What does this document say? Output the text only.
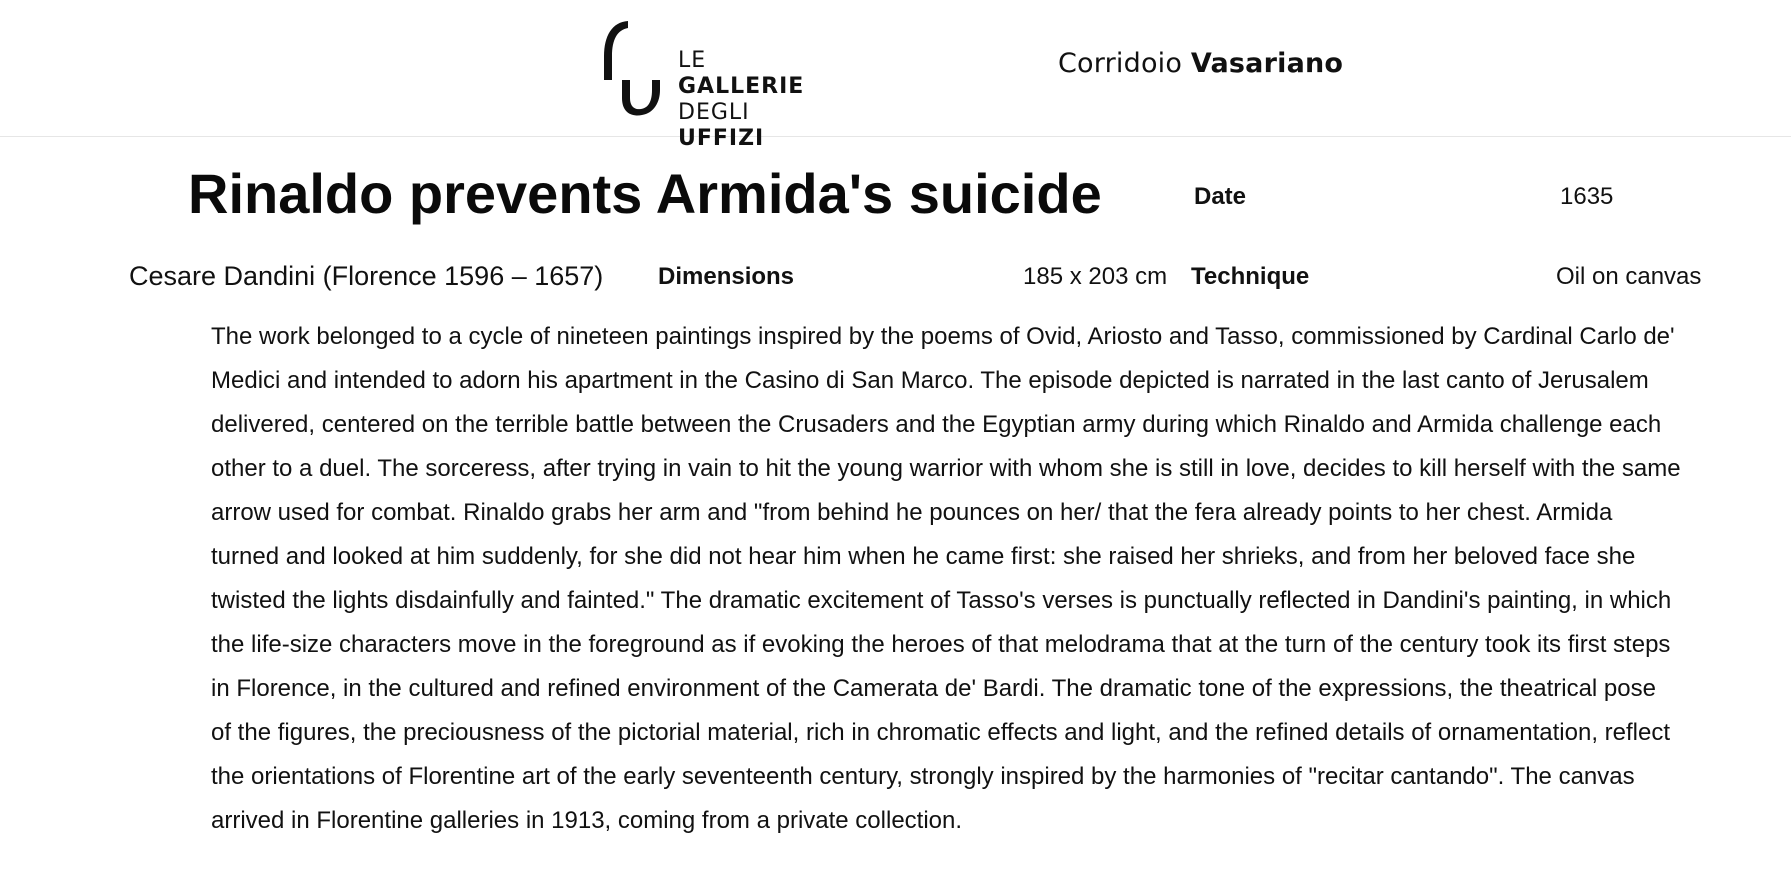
LE GALLERIE
DEGLI UFFIZI
Corridoio Vasariano
Rinaldo prevents Armida's suicide	Date	1635
Cesare Dandini (Florence 1596 – 1657) Dimensions	185 x 203 cm Technique	Oil on canvas

The work belonged to a cycle of nineteen paintings inspired by the poems of Ovid, Ariosto and Tasso, commissioned by Cardinal Carlo de' Medici and intended to adorn his apartment in the Casino di San Marco. The episode depicted is narrated in the last canto of Jerusalem delivered, centered on the terrible battle between the Crusaders and the Egyptian army during which Rinaldo and Armida challenge each other to a duel. The sorceress, after trying in vain to hit the young warrior with whom she is still in love, decides to kill herself with the same arrow used for combat. Rinaldo grabs her arm and "from behind he pounces on her/ that the fera already points to her chest. Armida turned and looked at him suddenly, for she did not hear him when he came first: she raised her shrieks, and from her beloved face she twisted the lights disdainfully and fainted." The dramatic excitement of Tasso's verses is punctually reflected in Dandini's painting, in which the life-size characters move in the foreground as if evoking the heroes of that melodrama that at the turn of the century took its first steps in Florence, in the cultured and refined environment of the Camerata de' Bardi. The dramatic tone of the expressions, the theatrical pose of the figures, the preciousness of the pictorial material, rich in chromatic effects and light, and the refined details of ornamentation, reflect the orientations of Florentine art of the early seventeenth century, strongly inspired by the harmonies of "recitar cantando". The canvas arrived in Florentine galleries in 1913, coming from a private collection.
